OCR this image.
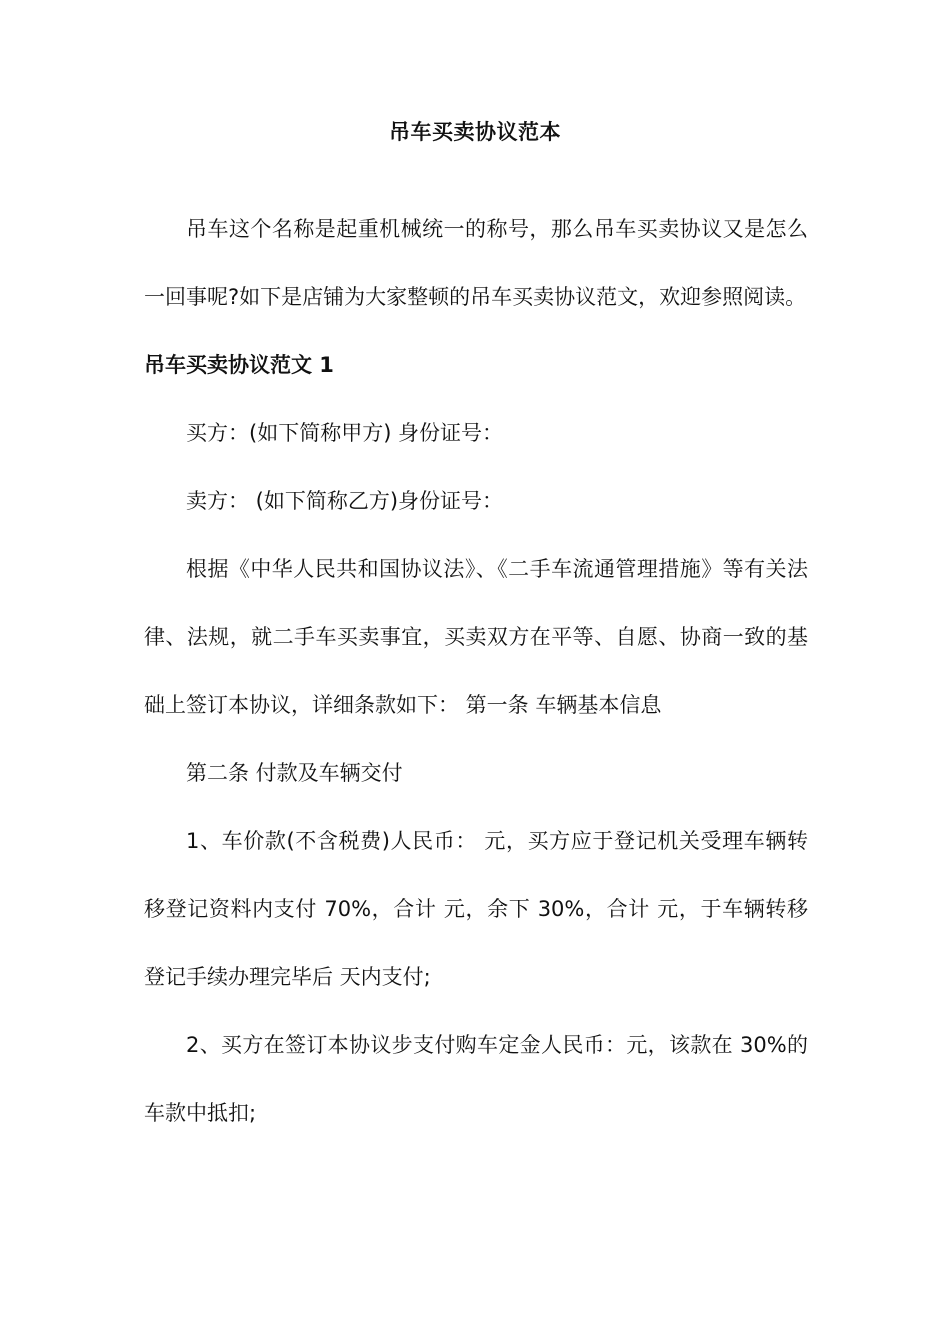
吊车买卖协议范本

吊车这个名称是起重机械统一的称号，那么吊车买卖协议又是怎么一回事呢?如下是店铺为大家整顿的吊车买卖协议范文，欢迎参照阅读。

吊车买卖协议范文 1

买方：(如下简称甲方) 身份证号：

卖方： (如下简称乙方)身份证号：

根据《中华人民共和国协议法》、《二手车流通管理措施》等有关法律、法规，就二手车买卖事宜，买卖双方在平等、自愿、协商一致的基础上签订本协议，详细条款如下： 第一条 车辆基本信息

第二条 付款及车辆交付

1、车价款(不含税费)人民币： 元，买方应于登记机关受理车辆转移登记资料内支付 70%，合计 元，余下 30%，合计 元，于车辆转移登记手续办理完毕后 天内支付;

2、买方在签订本协议步支付购车定金人民币：元，该款在 30%的车款中抵扣;
